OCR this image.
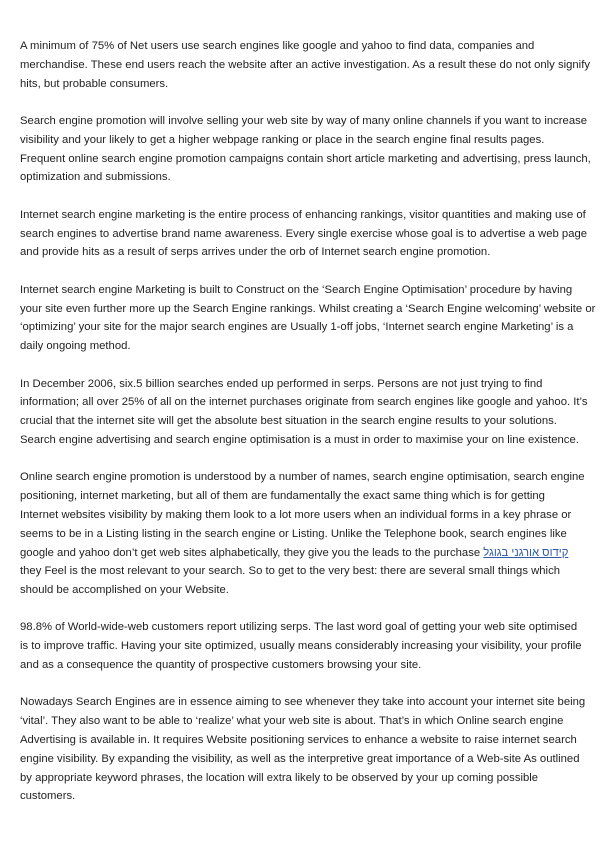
A minimum of 75% of Net users use search engines like google and yahoo to find data, companies and
merchandise. These end users reach the website after an active investigation. As a result these do not only signify
hits, but probable consumers.

Search engine promotion will involve selling your web site by way of many online channels if you want to increase
visibility and your likely to get a higher webpage ranking or place in the search engine final results pages.
Frequent online search engine promotion campaigns contain short article marketing and advertising, press launch,
optimization and submissions.

Internet search engine marketing is the entire process of enhancing rankings, visitor quantities and making use of
search engines to advertise brand name awareness. Every single exercise whose goal is to advertise a web page
and provide hits as a result of serps arrives under the orb of Internet search engine promotion.

Internet search engine Marketing is built to Construct on the ‘Search Engine Optimisation’ procedure by having
your site even further more up the Search Engine rankings. Whilst creating a ‘Search Engine welcoming’ website or
‘optimizing’ your site for the major search engines are Usually 1-off jobs, ‘Internet search engine Marketing’ is a
daily ongoing method.

In December 2006, six.5 billion searches ended up performed in serps. Persons are not just trying to find
information; all over 25% of all on the internet purchases originate from search engines like google and yahoo. It’s
crucial that the internet site will get the absolute best situation in the search engine results to your solutions.
Search engine advertising and search engine optimisation is a must in order to maximise your on line existence.

Online search engine promotion is understood by a number of names, search engine optimisation, search engine
positioning, internet marketing, but all of them are fundamentally the exact same thing which is for getting
Internet websites visibility by making them look to a lot more users when an individual forms in a key phrase or
seems to be in a Listing listing in the search engine or Listing. Unlike the Telephone book, search engines like
google and yahoo don’t get web sites alphabetically, they give you the leads to the purchase לגוגב ינגרוא סודיק
they Feel is the most relevant to your search. So to get to the very best: there are several small things which
should be accomplished on your Website.

98.8% of World-wide-web customers report utilizing serps. The last word goal of getting your web site optimised
is to improve traffic. Having your site optimized, usually means considerably increasing your visibility, your profile
and as a consequence the quantity of prospective customers browsing your site.

Nowadays Search Engines are in essence aiming to see whenever they take into account your internet site being
‘vital’. They also want to be able to ‘realize’ what your web site is about. That’s in which Online search engine
Advertising is available in. It requires Website positioning services to enhance a website to raise internet search
engine visibility. By expanding the visibility, as well as the interpretive great importance of a Web-site As outlined
by appropriate keyword phrases, the location will extra likely to be observed by your up coming possible
customers.
